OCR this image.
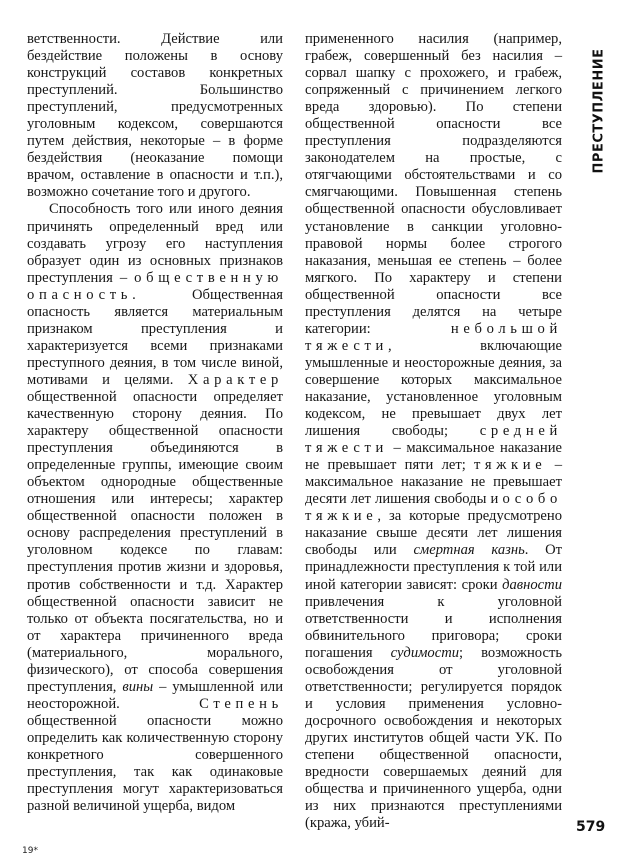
ветственности. Действие или бездействие положены в основу конструкций составов конкретных преступлений. Большинство преступлений, предусмотренных уголовным кодексом, совершаются путем действия, некоторые – в форме бездействия (неоказание помощи врачом, оставление в опасности и т.п.), возможно сочетание того и другого.

Способность того или иного деяния причинять определенный вред или создавать угрозу его наступления образует один из основных признаков преступления – общественную опасность. Общественная опасность является материальным признаком преступления и характеризуется всеми признаками преступного деяния, в том числе виной, мотивами и целями. Характер общественной опасности определяет качественную сторону деяния. По характеру общественной опасности преступления объединяются в определенные группы, имеющие своим объектом однородные общественные отношения или интересы; характер общественной опасности положен в основу распределения преступлений в уголовном кодексе по главам: преступления против жизни и здоровья, против собственности и т.д. Характер общественной опасности зависит не только от объекта посягательства, но и от характера причиненного вреда (материального, морального, физического), от способа совершения преступления, вины – умышленной или неосторожной. Степень общественной опасности можно определить как количественную сторону конкретного совершенного преступления, так как одинаковые преступления могут характеризоваться разной величиной ущерба, видом

примененного насилия (например, грабеж, совершенный без насилия – сорвал шапку с прохожего, и грабеж, сопряженный с причинением легкого вреда здоровью). По степени общественной опасности все преступления подразделяются законодателем на простые, с отягчающими обстоятельствами и со смягчающими. Повышенная степень общественной опасности обусловливает установление в санкции уголовно-правовой нормы более строгого наказания, меньшая ее степень – более мягкого. По характеру и степени общественной опасности все преступления делятся на четыре категории: небольшой тяжести, включающие умышленные и неосторожные деяния, за совершение которых максимальное наказание, установленное уголовным кодексом, не превышает двух лет лишения свободы; средней тяжести – максимальное наказание не превышает пяти лет; тяжкие – максимальное наказание не превышает десяти лет лишения свободы и особо тяжкие, за которые предусмотрено наказание свыше десяти лет лишения свободы или смертная казнь. От принадлежности преступления к той или иной категории зависят: сроки давности привлечения к уголовной ответственности и исполнения обвинительного приговора; сроки погашения судимости; возможность освобождения от уголовной ответственности; регулируется порядок и условия применения условно-досрочного освобождения и некоторых других институтов общей части УК. По степени общественной опасности, вредности совершаемых деяний для общества и причиненного ущерба, одни из них признаются преступлениями (кража, убий-

ПРЕСТУПЛЕНИЕ
579
19*
